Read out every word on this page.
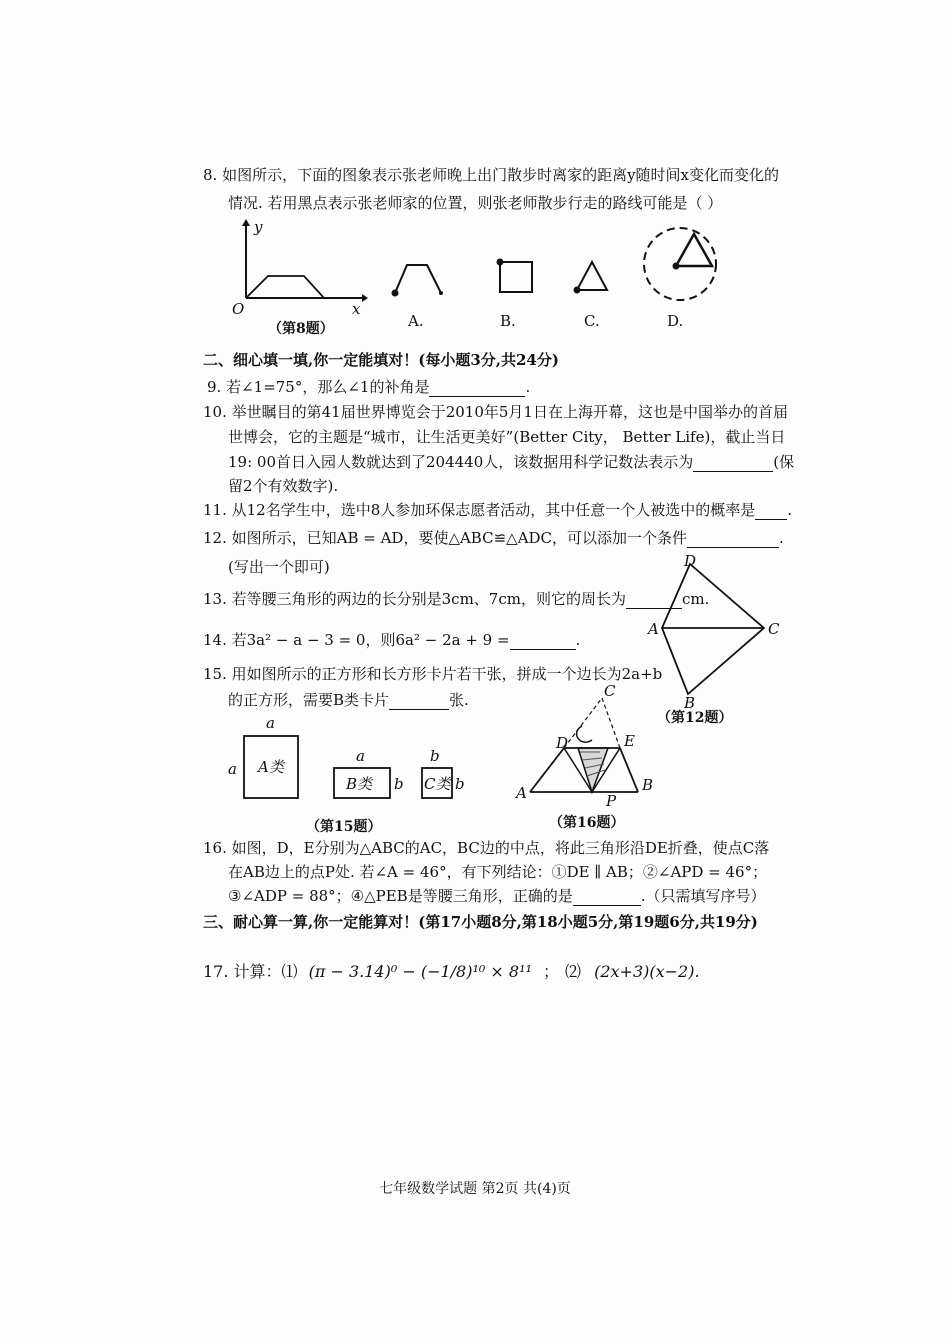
8. 如图所示，下面的图象表示张老师晚上出门散步时离家的距离y随时间x变化而变化的
情况. 若用黑点表示张老师家的位置，则张老师散步行走的路线可能是（ ）
y
x
O
（第8题）	A.	B.	C.	D.
二、细心填一填,你一定能填对！(每小题3分,共24分)
9. 若∠1=75°，那么∠1的补角是	.
10. 举世瞩目的第41届世界博览会于2010年5月1日在上海开幕，这也是中国举办的首届
世博会，它的主题是“城市，让生活更美好”(Better City， Better Life)，截止当日
19: 00首日入园人数就达到了204440人，该数据用科学记数法表示为	(保
留2个有效数字).
11. 从12名学生中，选中8人参加环保志愿者活动，其中任意一个人被选中的概率是 .
12. 如图所示，已知AB = AD，要使△ABC≌△ADC，可以添加一个条件	.
(写出一个即可)	D
A	C
B
（第12题）
13. 若等腰三角形的两边的长分别是3cm、7cm，则它的周长为	cm.
14. 若3a² − a − 3 = 0，则6a² − 2a + 9 =	.
15. 用如图所示的正方形和长方形卡片若干张，拼成一个边长为2a+b
的正方形，需要B类卡片	张.
A类
a
a
B类
a
b C类
b
b
（第15题）
C
D	E
A	B
P
（第16题）
16. 如图，D，E分别为△ABC的AC，BC边的中点，将此三角形沿DE折叠，使点C落
在AB边上的点P处. 若∠A = 46°，有下列结论：①DE ∥ AB；②∠APD = 46°；
③∠ADP = 88°；④△PEB是等腰三角形，正确的是	.（只需填写序号）
三、耐心算一算,你一定能算对！(第17小题8分,第18小题5分,第19题6分,共19分)
17. 计算：⑴ (π − 3.14)⁰ − (−1/8)¹⁰ × 8¹¹ ； ⑵ (2x+3)(x−2).
七年级数学试题 第2页 共(4)页
